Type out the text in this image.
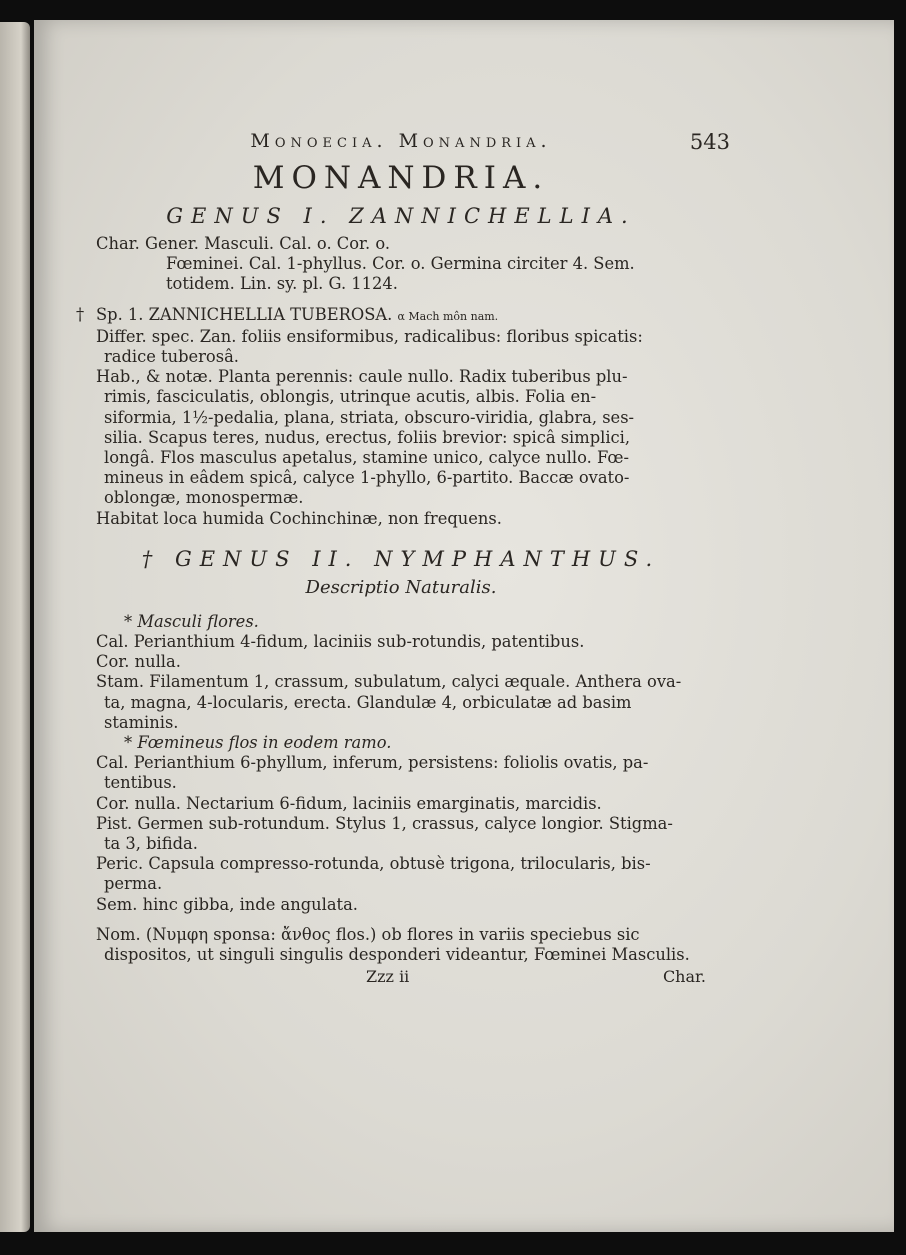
Monoecia. Monandria.	543
MONANDRIA.
GENUS I. ZANNICHELLIA.
Char. Gener. Masculi. Cal. o. Cor. o.
Fœminei. Cal. 1-phyllus. Cor. o. Germina circiter 4. Sem.
totidem. Lin. sy. pl. G. 1124.
† Sp. 1. ZANNICHELLIA TUBEROSA. α Mach môn nam.
Differ. spec. Zan. foliis ensiformibus, radicalibus: floribus spicatis:
radice tuberosâ.
Hab., & notæ. Planta perennis: caule nullo. Radix tuberibus plu-
rimis, fasciculatis, oblongis, utrinque acutis, albis. Folia en-
siformia, 1½-pedalia, plana, striata, obscuro-viridia, glabra, ses-
silia. Scapus teres, nudus, erectus, foliis brevior: spicâ simplici,
longâ. Flos masculus apetalus, stamine unico, calyce nullo. Fœ-
mineus in eâdem spicâ, calyce 1-phyllo, 6-partito. Baccæ ovato-
oblongæ, monospermæ.
Habitat loca humida Cochinchinæ, non frequens.
† GENUS II. NYMPHANTHUS.
Descriptio Naturalis.
* Masculi flores.
Cal. Perianthium 4-fidum, laciniis sub-rotundis, patentibus.
Cor. nulla.
Stam. Filamentum 1, crassum, subulatum, calyci æquale. Anthera ova-
ta, magna, 4-locularis, erecta. Glandulæ 4, orbiculatæ ad basim
staminis.
* Fœmineus flos in eodem ramo.
Cal. Perianthium 6-phyllum, inferum, persistens: foliolis ovatis, pa-
tentibus.
Cor. nulla. Nectarium 6-fidum, laciniis emarginatis, marcidis.
Pist. Germen sub-rotundum. Stylus 1, crassus, calyce longior. Stigma-
ta 3, bifida.
Peric. Capsula compresso-rotunda, obtusè trigona, trilocularis, bis-
perma.
Sem. hinc gibba, inde angulata.
Nom. (Νυμφη sponsa: ἄνθος flos.) ob flores in variis speciebus sic
dispositos, ut singuli singulis desponderi videantur, Fœminei Masculis.
Zzz ii	Char.
